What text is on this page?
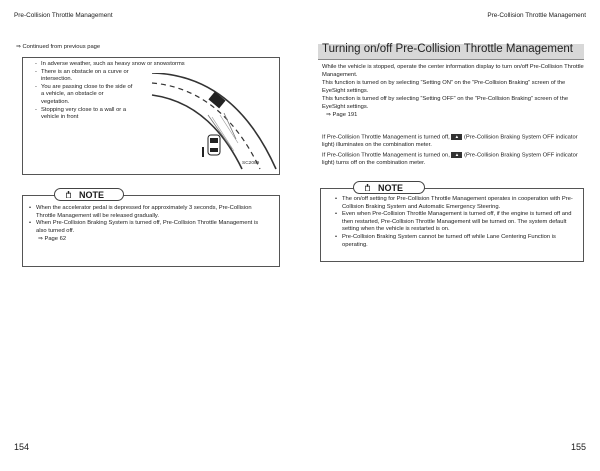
Pre-Collision Throttle Management	Pre-Collision Throttle Management
⇒ Continued from previous page
- In adverse weather, such as heavy snow or snowstorms
- There is an obstacle on a curve or intersection.
- You are passing close to the side of a vehicle, an obstacle or vegetation.
- Stopping very close to a wall or a vehicle in front
SC2089
NOTE
• When the accelerator pedal is depressed for approximately 3 seconds, Pre-Collision Throttle Management will be released gradually.
• When Pre-Collision Braking System is turned off, Pre-Collision Throttle Management is also turned off.
⇒ Page 62
154
Turning on/off Pre-Collision Throttle Management
While the vehicle is stopped, operate the center information display to turn on/off Pre-Collision Throttle Management.
This function is turned on by selecting “Setting ON” on the “Pre-Collision Braking” screen of the EyeSight settings.
This function is turned off by selecting “Setting OFF” on the “Pre-Collision Braking” screen of the EyeSight settings.
⇒ Page 191
If Pre-Collision Throttle Management is turned off, ▲ (Pre-Collision Braking System OFF indicator light) illuminates on the combination meter.
If Pre-Collision Throttle Management is turned on, ▲ (Pre-Collision Braking System OFF indicator light) turns off on the combination meter.
NOTE
• The on/off setting for Pre-Collision Throttle Management operates in cooperation with Pre-Collision Braking System and Automatic Emergency Steering.
• Even when Pre-Collision Throttle Management is turned off, if the engine is turned off and then restarted, Pre-Collision Throttle Management will be turned on. The system default setting when the vehicle is restarted is on.
• Pre-Collision Braking System cannot be turned off while Lane Centering Function is operating.
155
